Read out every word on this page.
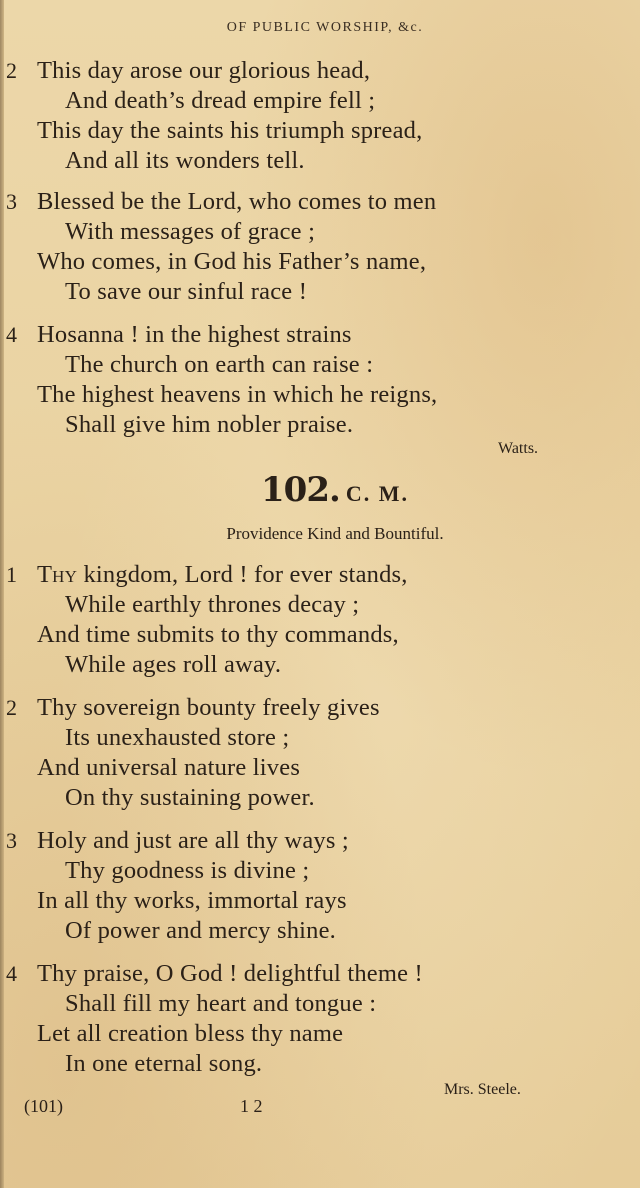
OF PUBLIC WORSHIP, &c.
2 This day arose our glorious head,
And death’s dread empire fell ;
This day the saints his triumph spread,
And all its wonders tell.
3 Blessed be the Lord, who comes to men
With messages of grace ;
Who comes, in God his Father’s name,
To save our sinful race !
4 Hosanna ! in the highest strains
The church on earth can raise :
The highest heavens in which he reigns,
Shall give him nobler praise.
Watts.
102. C. M.
Providence Kind and Bountiful.
1 Thy kingdom, Lord ! for ever stands,
While earthly thrones decay ;
And time submits to thy commands,
While ages roll away.
2 Thy sovereign bounty freely gives
Its unexhausted store ;
And universal nature lives
On thy sustaining power.
3 Holy and just are all thy ways ;
Thy goodness is divine ;
In all thy works, immortal rays
Of power and mercy shine.
4 Thy praise, O God ! delightful theme !
Shall fill my heart and tongue :
Let all creation bless thy name
In one eternal song.
Mrs. Steele.
(101)	1 2
